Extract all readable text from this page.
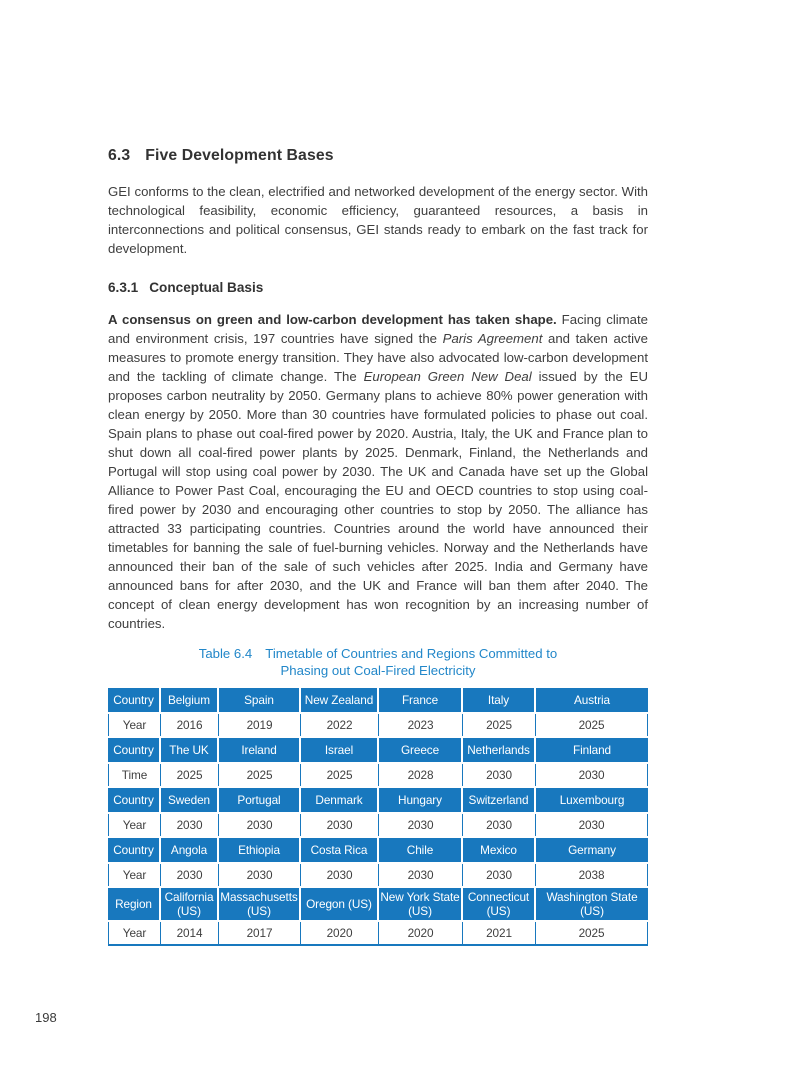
6.3 Five Development Bases

GEI conforms to the clean, electrified and networked development of the energy sector. With technological feasibility, economic efficiency, guaranteed resources, a basis in interconnections and political consensus, GEI stands ready to embark on the fast track for development.

6.3.1 Conceptual Basis

A consensus on green and low-carbon development has taken shape. Facing climate and environment crisis, 197 countries have signed the Paris Agreement and taken active measures to promote energy transition. They have also advocated low-carbon development and the tackling of climate change. The European Green New Deal issued by the EU proposes carbon neutrality by 2050. Germany plans to achieve 80% power generation with clean energy by 2050. More than 30 countries have formulated policies to phase out coal. Spain plans to phase out coal-fired power by 2020. Austria, Italy, the UK and France plan to shut down all coal-fired power plants by 2025. Denmark, Finland, the Netherlands and Portugal will stop using coal power by 2030. The UK and Canada have set up the Global Alliance to Power Past Coal, encouraging the EU and OECD countries to stop using coal-fired power by 2030 and encouraging other countries to stop by 2050. The alliance has attracted 33 participating countries. Countries around the world have announced their timetables for banning the sale of fuel-burning vehicles. Norway and the Netherlands have announced their ban of the sale of such vehicles after 2025. India and Germany have announced bans for after 2030, and the UK and France will ban them after 2040. The concept of clean energy development has won recognition by an increasing number of countries.

Table 6.4 Timetable of Countries and Regions Committed to
Phasing out Coal-Fired Electricity
Country	Belgium	Spain	New Zealand	France	Italy	Austria
Year	2016	2019	2022	2023	2025	2025
Country	The UK	Ireland	Israel	Greece	Netherlands	Finland
Time	2025	2025	2025	2028	2030	2030
Country	Sweden	Portugal	Denmark	Hungary	Switzerland	Luxembourg
Year	2030	2030	2030	2030	2030	2030
Country	Angola	Ethiopia	Costa Rica	Chile	Mexico	Germany
Year	2030	2030	2030	2030	2030	2038
Region	California (US)	Massachusetts (US)	Oregon (US)	New York State (US)	Connecticut (US)	Washington State (US)
Year	2014	2017	2020	2020	2021	2025
198
